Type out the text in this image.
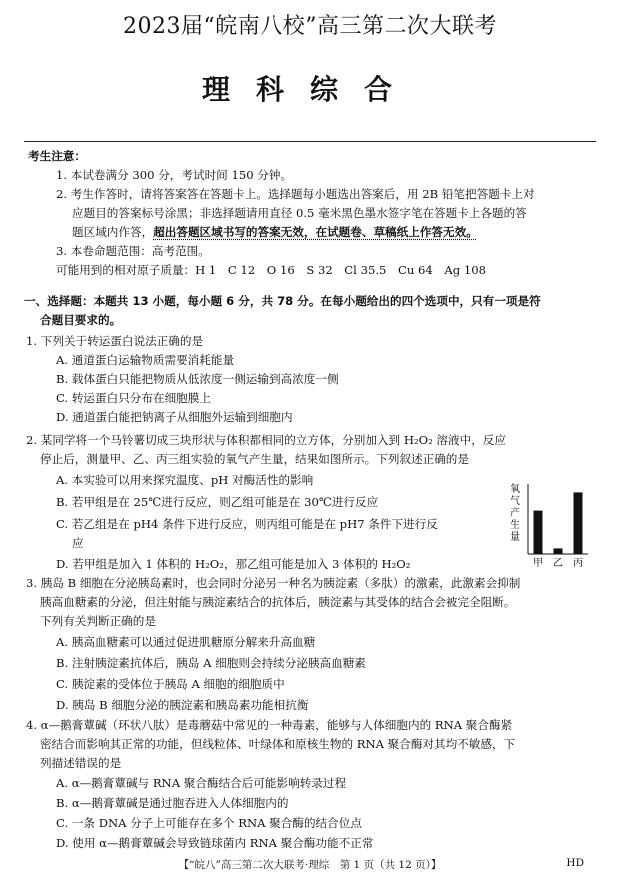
2023届“皖南八校”高三第二次大联考
理科综合
考生注意：
1. 本试卷满分 300 分，考试时间 150 分钟。
2. 考生作答时，请将答案答在答题卡上。选择题每小题选出答案后，用 2B 铅笔把答题卡上对
应题目的答案标号涂黑；非选择题请用直径 0.5 毫米黑色墨水签字笔在答题卡上各题的答
题区域内作答，超出答题区域书写的答案无效，在试题卷、草稿纸上作答无效。
3. 本卷命题范围：高考范围。
可能用到的相对原子质量：H 1　C 12　O 16　S 32　Cl 35.5　Cu 64　Ag 108
一、选择题：本题共 13 小题，每小题 6 分，共 78 分。在每小题给出的四个选项中，只有一项是符
合题目要求的。
1. 下列关于转运蛋白说法正确的是
A. 通道蛋白运输物质需要消耗能量
B. 载体蛋白只能把物质从低浓度一侧运输到高浓度一侧
C. 转运蛋白只分布在细胞膜上
D. 通道蛋白能把钠离子从细胞外运输到细胞内
2. 某同学将一个马铃薯切成三块形状与体积都相同的立方体，分别加入到 H₂O₂ 溶液中，反应
停止后，测量甲、乙、丙三组实验的氧气产生量，结果如图所示。下列叙述正确的是
A. 本实验可以用来探究温度、pH 对酶活性的影响
B. 若甲组是在 25℃进行反应，则乙组可能是在 30℃进行反应
C. 若乙组是在 pH4 条件下进行反应，则丙组可能是在 pH7 条件下进行反
应
D. 若甲组是加入 1 体积的 H₂O₂，那乙组可能是加入 3 体积的 H₂O₂
氧
气
产
生
量
甲 乙 丙
3. 胰岛 B 细胞在分泌胰岛素时，也会同时分泌另一种名为胰淀素（多肽）的激素，此激素会抑制
胰高血糖素的分泌，但注射能与胰淀素结合的抗体后，胰淀素与其受体的结合会被完全阻断。
下列有关判断正确的是
A. 胰高血糖素可以通过促进肌糖原分解来升高血糖
B. 注射胰淀素抗体后，胰岛 A 细胞则会持续分泌胰高血糖素
C. 胰淀素的受体位于胰岛 A 细胞的细胞质中
D. 胰岛 B 细胞分泌的胰淀素和胰岛素功能相抗衡
4. α—鹅膏蕈碱（环状八肽）是毒蘑菇中常见的一种毒素，能够与人体细胞内的 RNA 聚合酶紧
密结合而影响其正常的功能，但线粒体、叶绿体和原核生物的 RNA 聚合酶对其均不敏感，下
列描述错误的是
A. α—鹅膏蕈碱与 RNA 聚合酶结合后可能影响转录过程
B. α—鹅膏蕈碱是通过胞吞进入人体细胞内的
C. 一条 DNA 分子上可能存在多个 RNA 聚合酶的结合位点
D. 使用 α—鹅膏蕈碱会导致链球菌内 RNA 聚合酶功能不正常
【“皖八”高三第二次大联考·理综　第 1 页（共 12 页）】	HD
